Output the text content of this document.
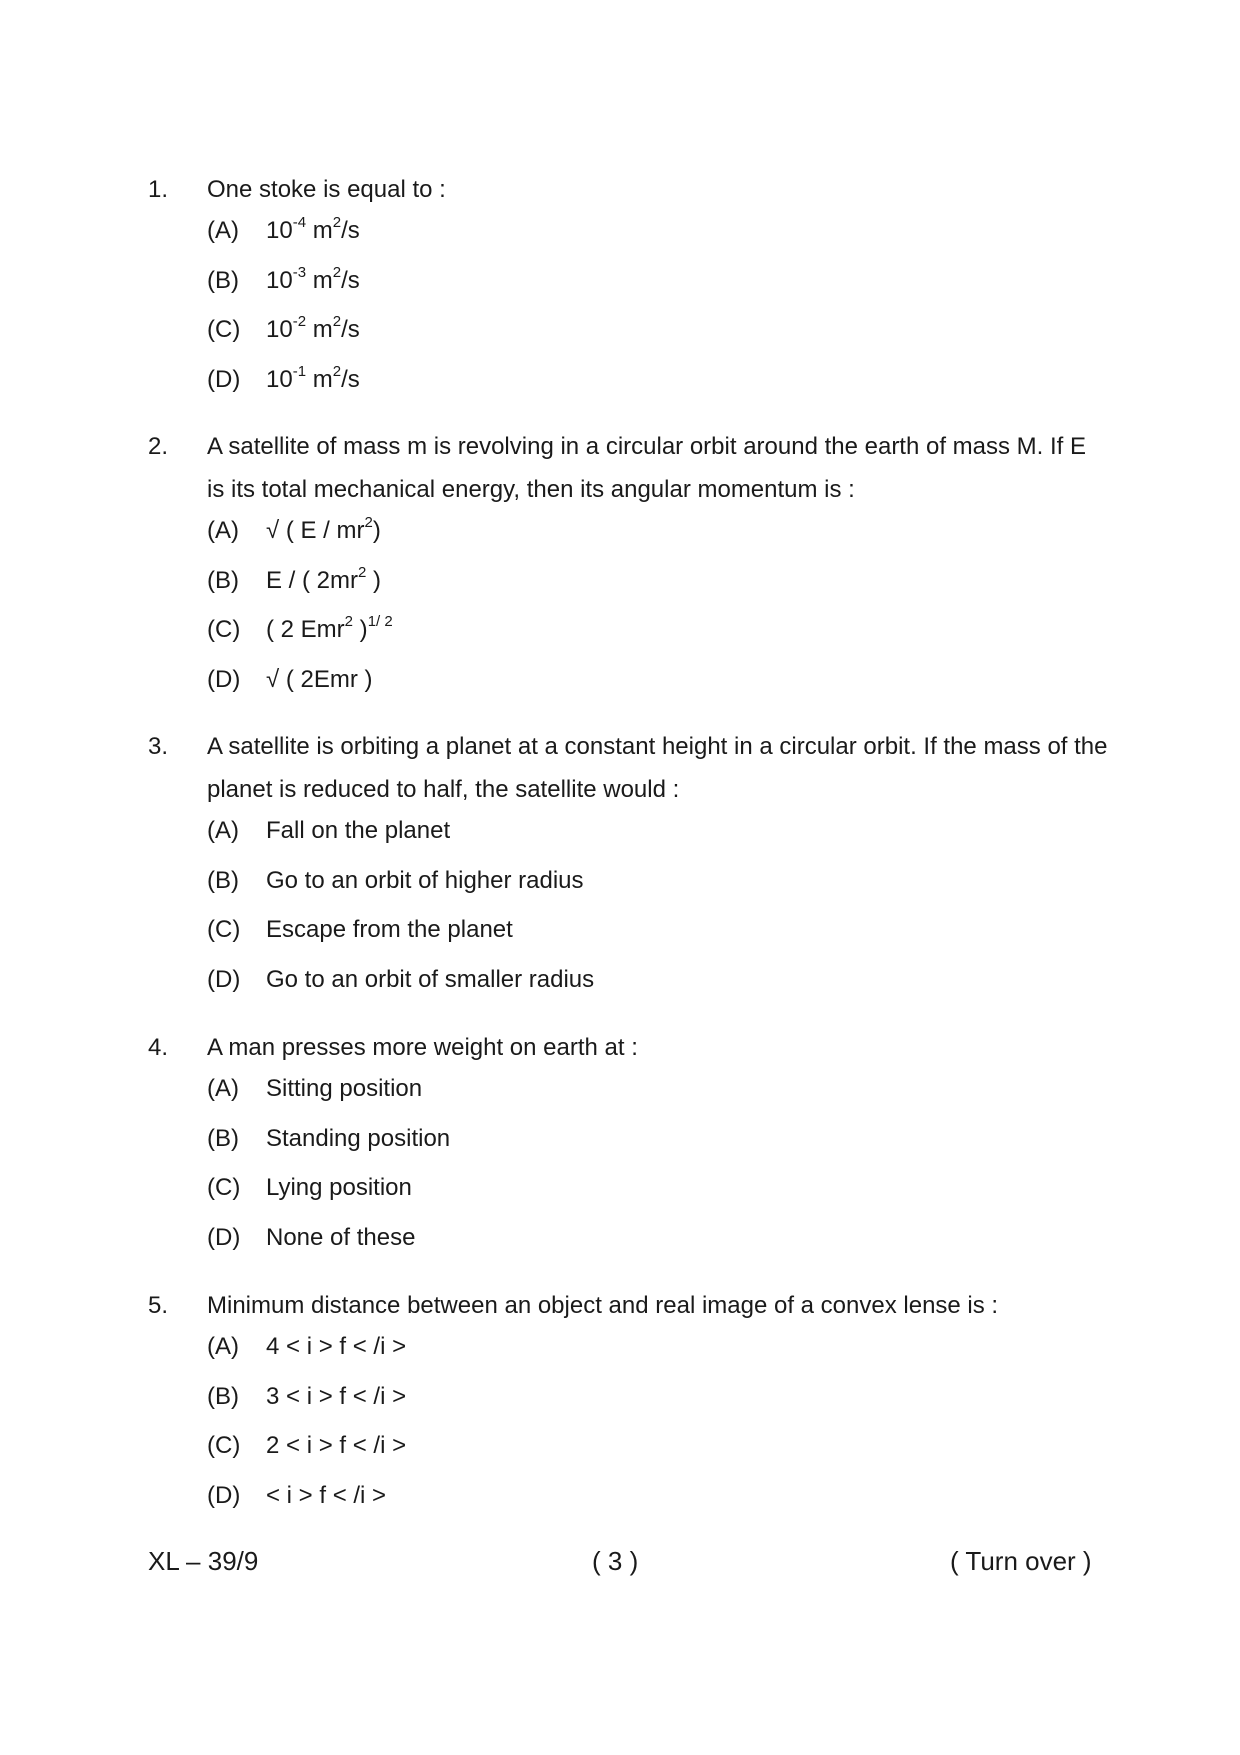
1.	One stoke is equal to :
(A)	$10^{-4}$ $m^2/s$
(B)	$10^{-3}$ $m^2/s$
(C)	$10^{-2}$ $m^2/s$
(D)	$10^{-1}$ $m^2/s$
2.	A satellite of mass m is revolving in a circular orbit around the earth of mass M. If E is its total mechanical energy, then its angular momentum is :
(A)	√ ( E / $mr^2$)
(B)	E / ( $2mr^2$ )
(C)	( 2 Emr$^2$ )$^{1/ 2}$
(D)	√ ( 2Emr )
3.	A satellite is orbiting a planet at a constant height in a circular orbit. If the mass of the planet is reduced to half, the satellite would :
(A)	Fall on the planet
(B)	Go to an orbit of higher radius
(C)	Escape from the planet
(D)	Go to an orbit of smaller radius
4.	A man presses more weight on earth at :
(A)	Sitting position
(B)	Standing position
(C)	Lying position
(D)	None of these
5.	Minimum distance between an object and real image of a convex lense is :
(A)	4 < i > f < /i >
(B)	3 < i > f < /i >
(C)	2 < i > f < /i >
(D)	< i > f < /i >
XL – 39/9	( 3 )	( Turn over )
